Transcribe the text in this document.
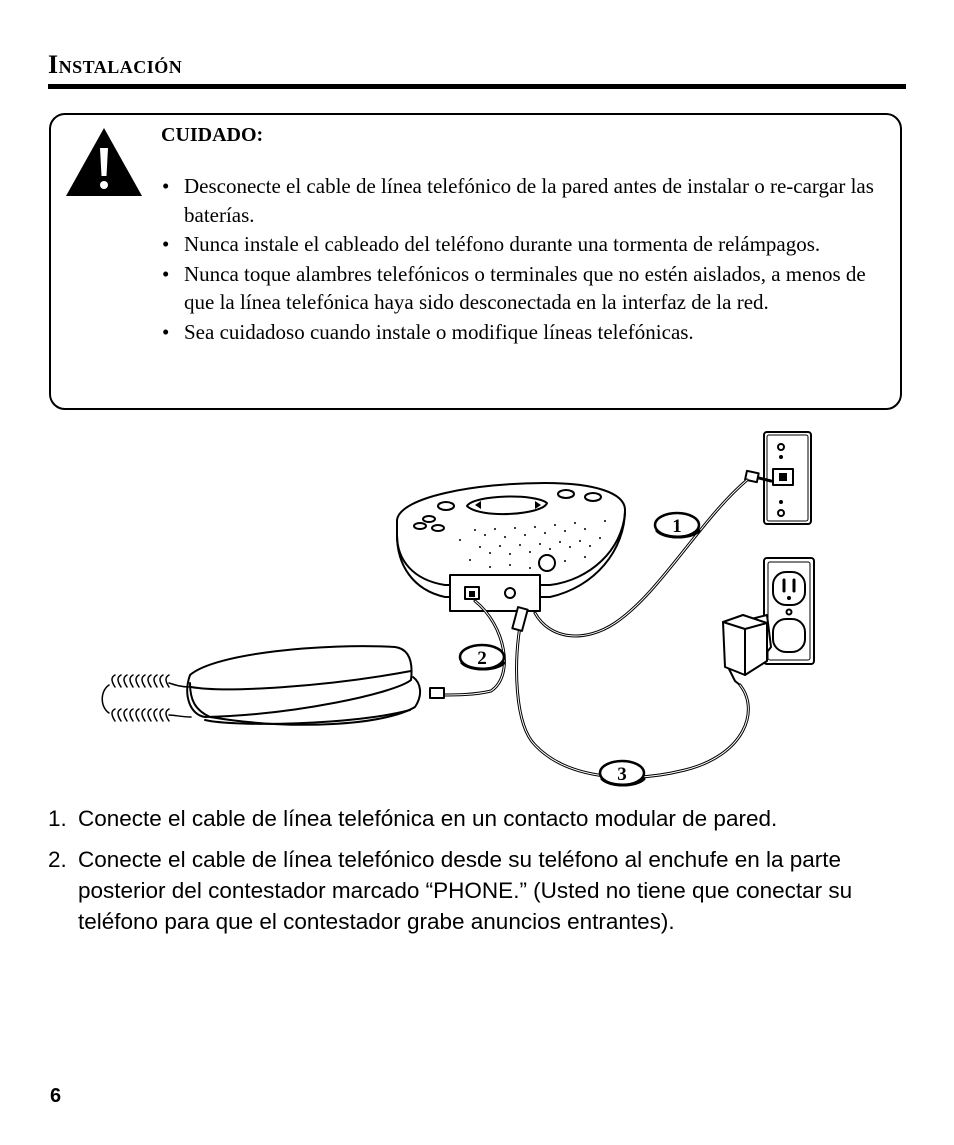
Instalación
CUIDADO:
• Desconecte el cable de línea telefónico de la pared antes de instalar o re-cargar las baterías.
• Nunca instale el cableado del teléfono durante una tormenta de relámpagos.
• Nunca toque alambres telefónicos o terminales que no estén aislados, a menos de que la línea telefónica haya sido desconectada en la interfaz de la red.
• Sea cuidadoso cuando instale o modifique líneas telefónicas.
1
2
3
1. Conecte el cable de línea telefónica en un contacto modular de pared.
2. Conecte el cable de línea telefónico desde su teléfono al enchufe en la parte posterior del contestador marcado “PHONE.” (Usted no tiene que conectar su teléfono para que el contestador grabe anuncios entrantes).
6
